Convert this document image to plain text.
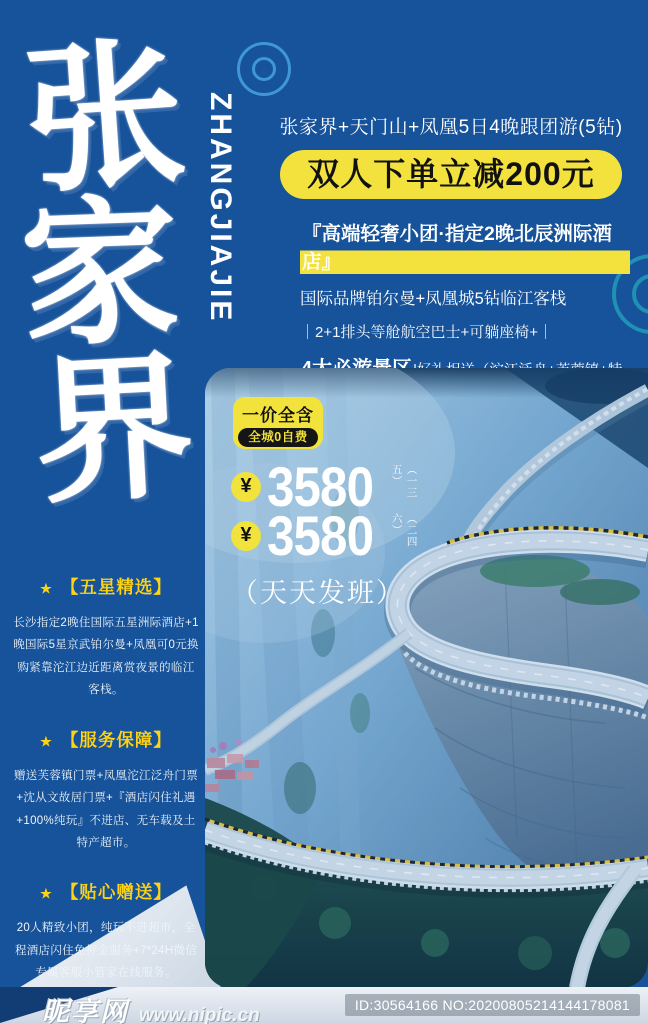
张
家
界
ZHANGJIAJIE	张家界+天门山+凤凰5日4晚跟团游(5钻)
双人下单立减200元
『高端轻奢小团·指定2晚北辰洲际酒店』
国际品牌铂尔曼+凤凰城5钻临江客栈
｜2+1排头等舱航空巴士+可躺座椅+｜
一价全含
全城0自费
¥ 3580	（一三五）
¥ 3580	（二四六）
（天天发班）
★ 【五星精选】
长沙指定2晚住国际五星洲际酒店+1晚国际5星京武铂尔曼+凤凰可0元换购紧靠沱江边近距离赏夜景的临江客栈。
★ 【服务保障】
赠送芙蓉镇门票+凤凰沱江泛舟门票+沈从文故居门票+『酒店闪住礼遇+100%纯玩』不进店、无车载及土特产超市。
★ 【贴心赠送】
20人精致小团，纯玩不进超市，全程酒店闪住免押金服务+7*24H微信专属客服小管家在线服务。
昵享网 www.nipic.cn	ID:30564166 NO:20200805214144178081
